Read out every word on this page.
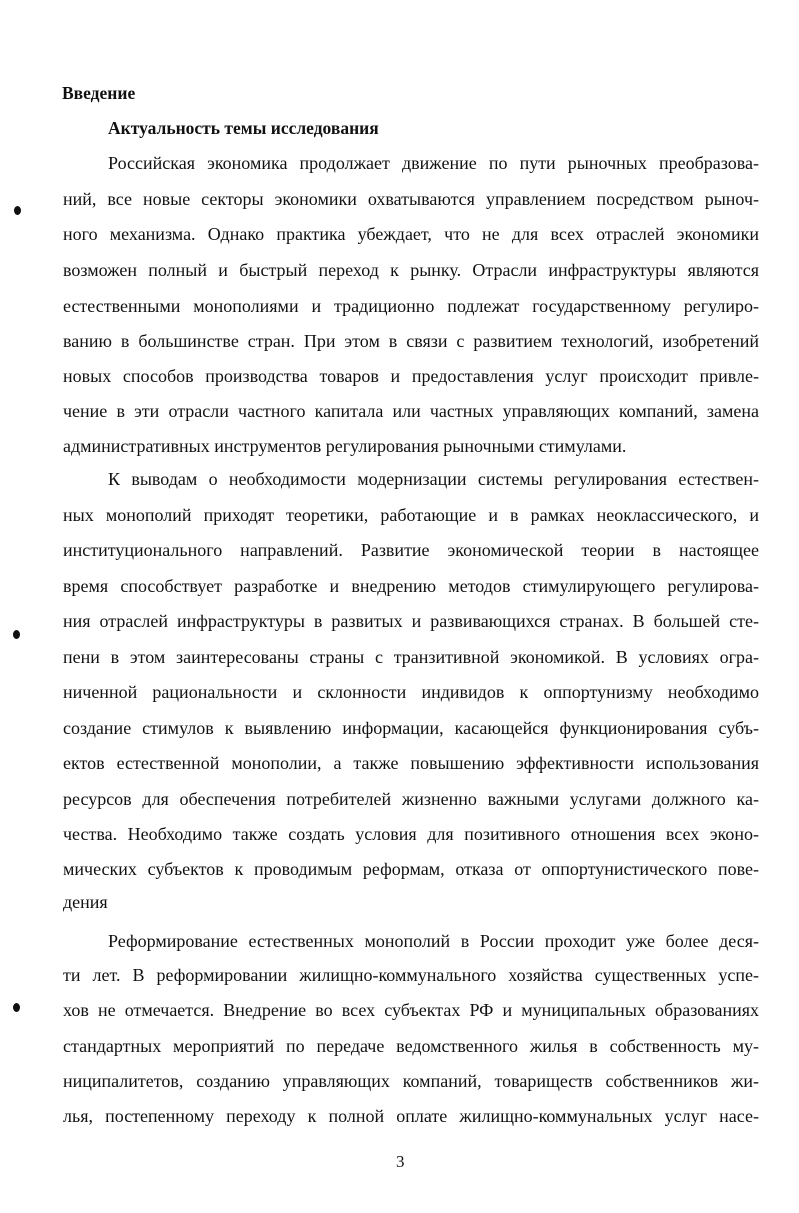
Введение
Актуальность темы исследования
Российская экономика продолжает движение по пути рыночных преобразова-
ний, все новые секторы экономики охватываются управлением посредством рыноч-
ного механизма. Однако практика убеждает, что не для всех отраслей экономики
возможен полный и быстрый переход к рынку. Отрасли инфраструктуры являются
естественными монополиями и традиционно подлежат государственному регулиро-
ванию в большинстве стран. При этом в связи с развитием технологий, изобретений
новых способов производства товаров и предоставления услуг происходит привле-
чение в эти отрасли частного капитала или частных управляющих компаний, замена
административных инструментов регулирования рыночными стимулами.
К выводам о необходимости модернизации системы регулирования естествен-
ных монополий приходят теоретики, работающие и в рамках неоклассического, и
институционального направлений. Развитие экономической теории в настоящее
время способствует разработке и внедрению методов стимулирующего регулирова-
ния отраслей инфраструктуры в развитых и развивающихся странах. В большей сте-
пени в этом заинтересованы страны с транзитивной экономикой. В условиях огра-
ниченной рациональности и склонности индивидов к оппортунизму необходимо
создание стимулов к выявлению информации, касающейся функционирования субъ-
ектов естественной монополии, а также повышению эффективности использования
ресурсов для обеспечения потребителей жизненно важными услугами должного ка-
чества. Необходимо также создать условия для позитивного отношения всех эконо-
мических субъектов к проводимым реформам, отказа от оппортунистического пове-
дения
Реформирование естественных монополий в России проходит уже более деся-
ти лет. В реформировании жилищно-коммунального хозяйства существенных успе-
хов не отмечается. Внедрение во всех субъектах РФ и муниципальных образованиях
стандартных мероприятий по передаче ведомственного жилья в собственность му-
ниципалитетов, созданию управляющих компаний, товариществ собственников жи-
лья, постепенному переходу к полной оплате жилищно-коммунальных услуг насе-
3
